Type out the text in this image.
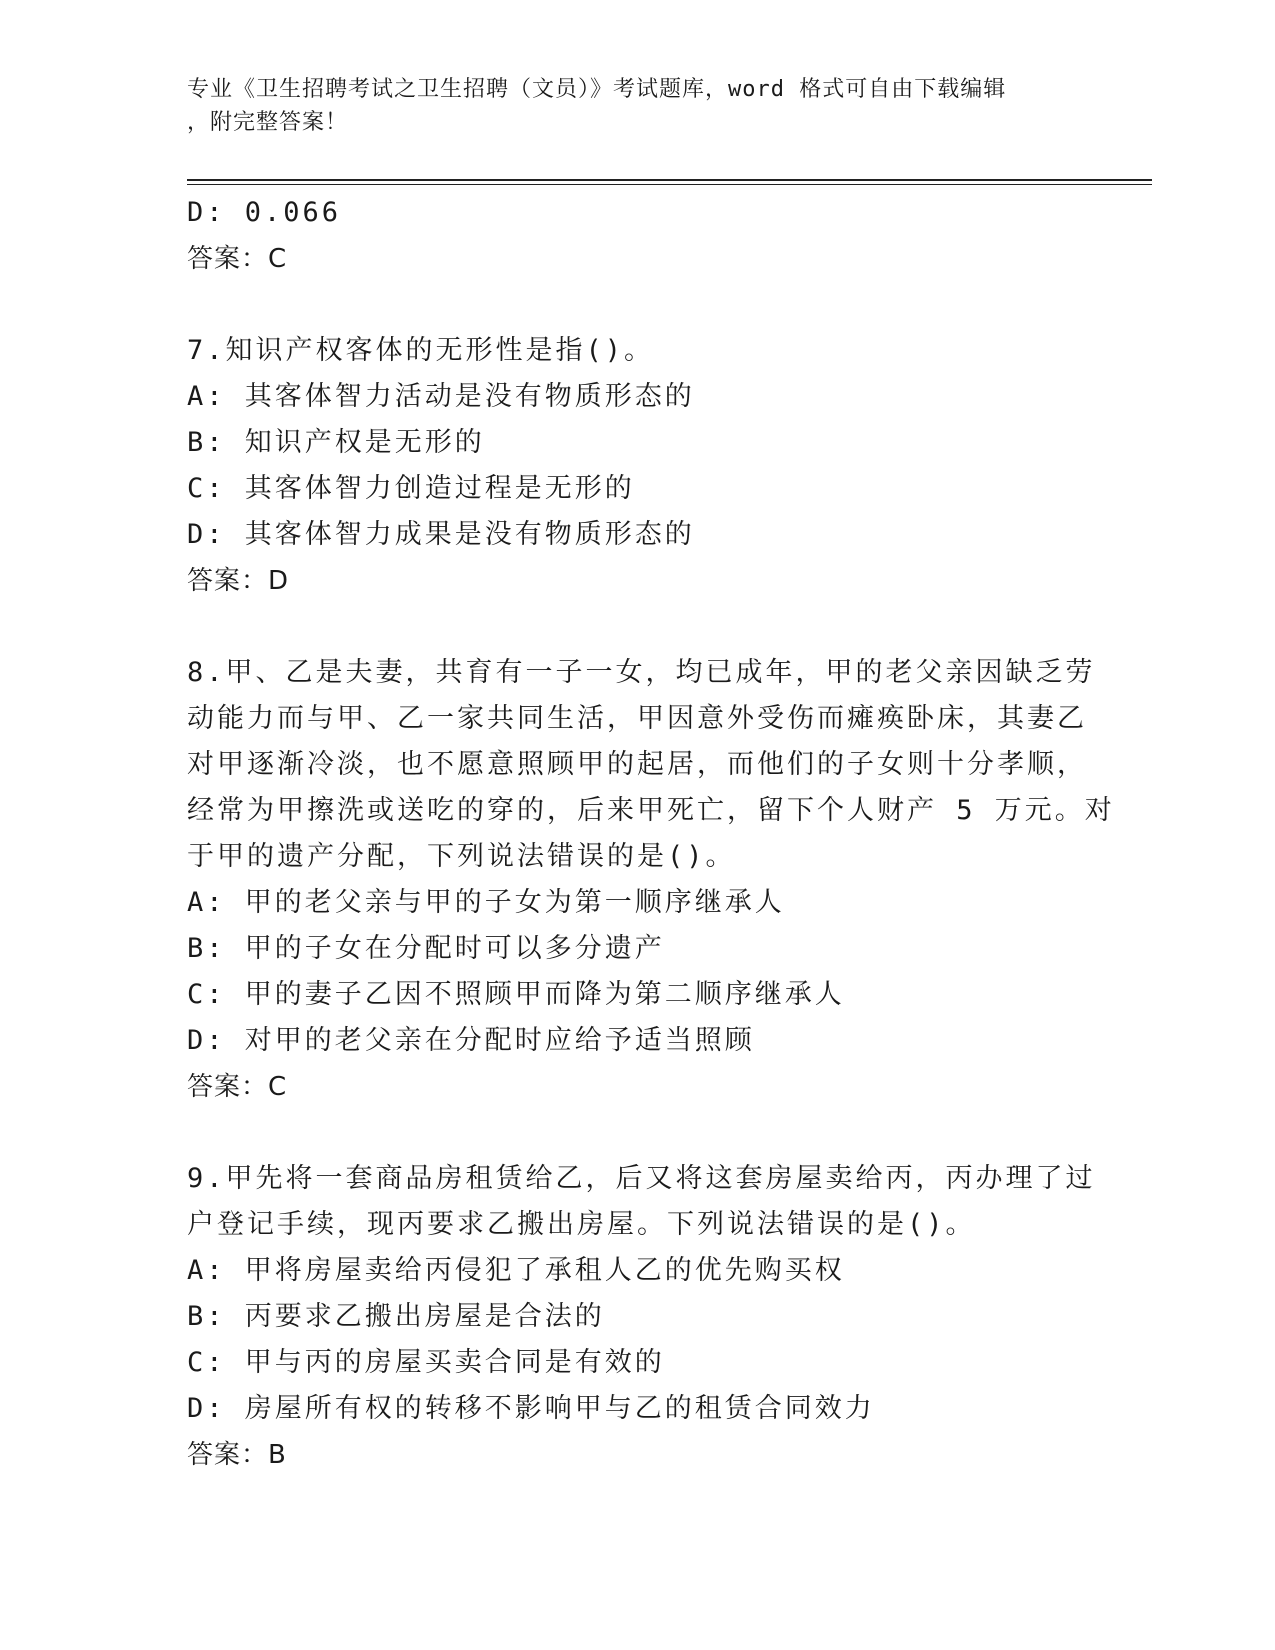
专业《卫生招聘考试之卫生招聘（文员）》考试题库，word 格式可自由下载编辑
，附完整答案！
D: 0.066
答案：C
7.知识产权客体的无形性是指()。
A: 其客体智力活动是没有物质形态的
B: 知识产权是无形的
C: 其客体智力创造过程是无形的
D: 其客体智力成果是没有物质形态的
答案：D
8.甲、乙是夫妻，共育有一子一女，均已成年，甲的老父亲因缺乏劳
动能力而与甲、乙一家共同生活，甲因意外受伤而瘫痪卧床，其妻乙
对甲逐渐冷淡，也不愿意照顾甲的起居，而他们的子女则十分孝顺，
经常为甲擦洗或送吃的穿的，后来甲死亡，留下个人财产 5 万元。对
于甲的遗产分配，下列说法错误的是()。
A: 甲的老父亲与甲的子女为第一顺序继承人
B: 甲的子女在分配时可以多分遗产
C: 甲的妻子乙因不照顾甲而降为第二顺序继承人
D: 对甲的老父亲在分配时应给予适当照顾
答案：C
9.甲先将一套商品房租赁给乙，后又将这套房屋卖给丙，丙办理了过
户登记手续，现丙要求乙搬出房屋。下列说法错误的是()。
A: 甲将房屋卖给丙侵犯了承租人乙的优先购买权
B: 丙要求乙搬出房屋是合法的
C: 甲与丙的房屋买卖合同是有效的
D: 房屋所有权的转移不影响甲与乙的租赁合同效力
答案：B
